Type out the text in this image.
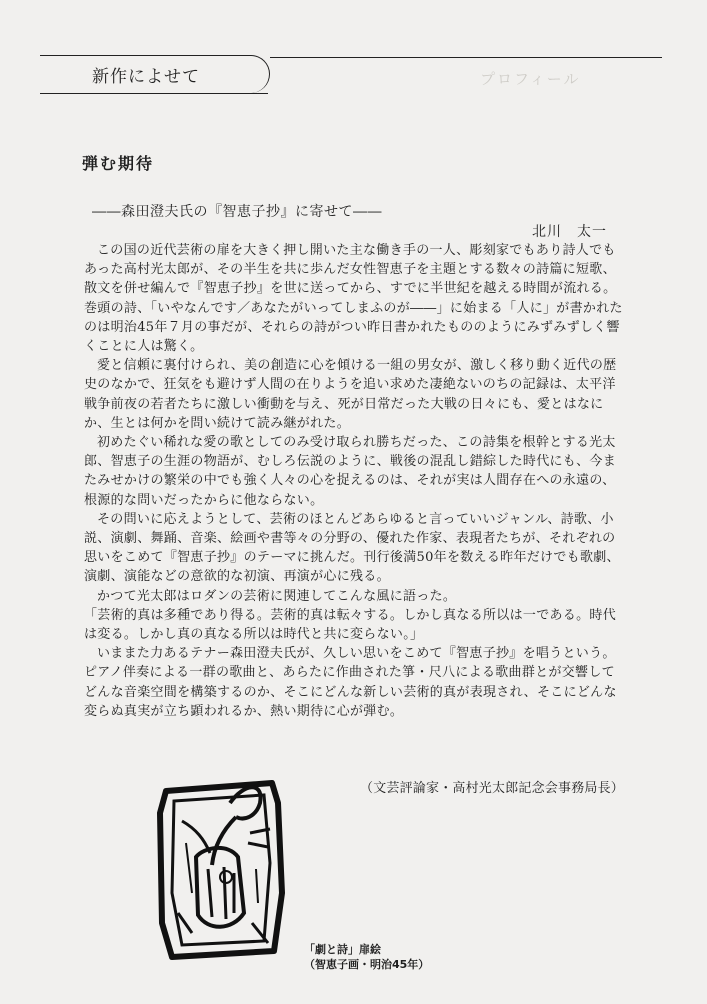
プロフィール
新作によせて
弾む期待
――森田澄夫氏の『智恵子抄』に寄せて――
北川　太一

この国の近代芸術の扉を大きく押し開いた主な働き手の一人、彫刻家でもあり詩人でもあった高村光太郎が、その半生を共に歩んだ女性智恵子を主題とする数々の詩篇に短歌、散文を併せ編んで『智恵子抄』を世に送ってから、すでに半世紀を越える時間が流れる。巻頭の詩、「いやなんです／あなたがいってしまふのが――」に始まる「人に」が書かれたのは明治45年７月の事だが、それらの詩がつい昨日書かれたもののようにみずみずしく響くことに人は驚く。

愛と信頼に裏付けられ、美の創造に心を傾ける一組の男女が、激しく移り動く近代の歴史のなかで、狂気をも避けず人間の在りようを追い求めた凄絶ないのちの記録は、太平洋戦争前夜の若者たちに激しい衝動を与え、死が日常だった大戦の日々にも、愛とはなにか、生とは何かを問い続けて読み継がれた。

初めたぐい稀れな愛の歌としてのみ受け取られ勝ちだった、この詩集を根幹とする光太郎、智恵子の生涯の物語が、むしろ伝説のように、戦後の混乱し錯綜した時代にも、今またみせかけの繁栄の中でも強く人々の心を捉えるのは、それが実は人間存在への永遠の、根源的な問いだったからに他ならない。

その問いに応えようとして、芸術のほとんどあらゆると言っていいジャンル、詩歌、小説、演劇、舞踊、音楽、絵画や書等々の分野の、優れた作家、表現者たちが、それぞれの思いをこめて『智恵子抄』のテーマに挑んだ。刊行後満50年を数える昨年だけでも歌劇、演劇、演能などの意欲的な初演、再演が心に残る。

かつて光太郎はロダンの芸術に関連してこんな風に語った。

「芸術的真は多種であり得る。芸術的真は転々する。しかし真なる所以は一である。時代は変る。しかし真の真なる所以は時代と共に変らない。」

いままた力あるテナー森田澄夫氏が、久しい思いをこめて『智恵子抄』を唱うという。ピアノ伴奏による一群の歌曲と、あらたに作曲された箏・尺八による歌曲群とが交響してどんな音楽空間を構築するのか、そこにどんな新しい芸術的真が表現され、そこにどんな変らぬ真実が立ち顕われるか、熱い期待に心が弾む。

（文芸評論家・高村光太郎記念会事務局長）
「劇と詩」扉絵
（智恵子画・明治45年）
